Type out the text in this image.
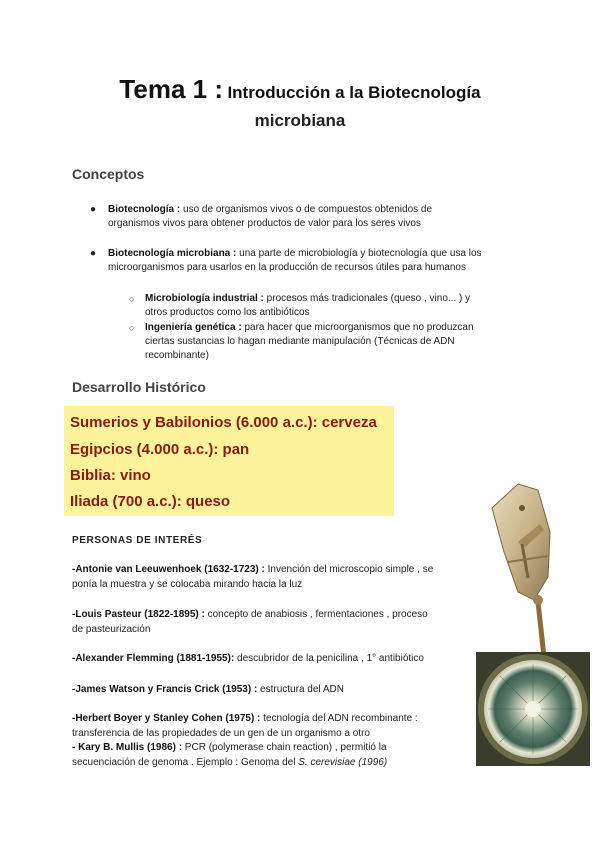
Tema 1 : Introducción a la Biotecnología
microbiana
Conceptos
● Biotecnología : uso de organismos vivos o de compuestos obtenidos de
organismos vivos para obtener productos de valor para los seres vivos
● Biotecnología microbiana : una parte de microbiología y biotecnología que usa los
microorganismos para usarlos en la producción de recursos útiles para humanos
○ Microbiología industrial : procesos más tradicionales (queso , vino... ) y
otros productos como los antibióticos
○ Ingeniería genética : para hacer que microorganismos que no produzcan
ciertas sustancias lo hagan mediante manipulación (Técnicas de ADN
recombinante)
Desarrollo Histórico
Sumerios y Babilonios (6.000 a.c.): cerveza
Egipcios (4.000 a.c.): pan
Biblia: vino
Iliada (700 a.c.): queso
PERSONAS DE INTERÉS
-Antonie van Leeuwenhoek (1632-1723) : Invención del microscopio simple , se
ponía la muestra y se colocaba mirando hacia la luz
-Louis Pasteur (1822-1895) : concepto de anabiosis , fermentaciones , proceso
de pasteurización
-Alexander Flemming (1881-1955): descubridor de la penicilina , 1° antibiótico
-James Watson y Francis Crick (1953) : estructura del ADN
-Herbert Boyer y Stanley Cohen (1975) : tecnología del ADN recombinante :
transferencia de las propiedades de un gen de un organismo a otro
- Kary B. Mullis (1986) : PCR (polymerase chain reaction) , permitió la
secuenciación de genoma . Ejemplo : Genoma del S. cerevisiae (1996)
